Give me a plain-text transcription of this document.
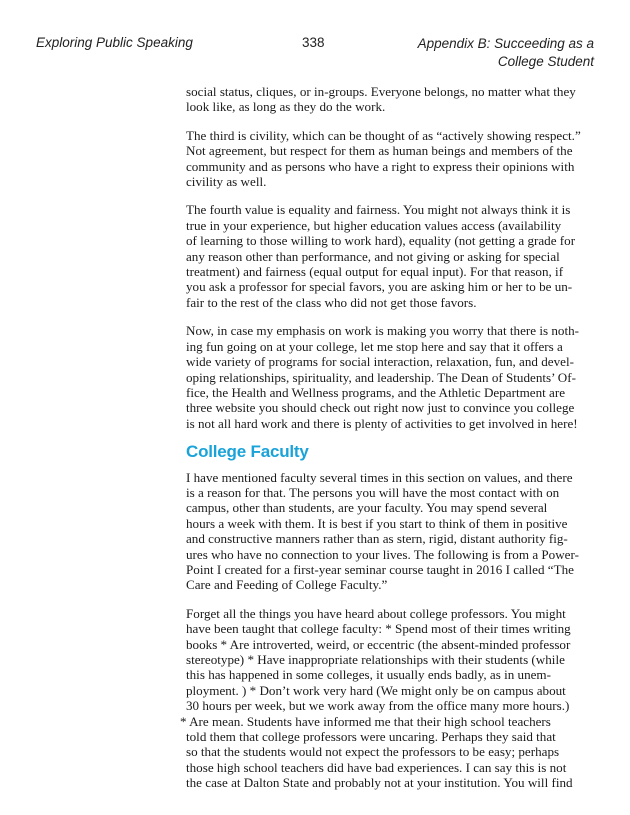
Exploring Public Speaking	338	Appendix B: Succeeding as a
College Student

social status, cliques, or in-groups. Everyone belongs, no matter what they
look like, as long as they do the work.

The third is civility, which can be thought of as “actively showing respect.”
Not agreement, but respect for them as human beings and members of the
community and as persons who have a right to express their opinions with
civility as well.

The fourth value is equality and fairness. You might not always think it is
true in your experience, but higher education values access (availability
of learning to those willing to work hard), equality (not getting a grade for
any reason other than performance, and not giving or asking for special
treatment) and fairness (equal output for equal input). For that reason, if
you ask a professor for special favors, you are asking him or her to be un-
fair to the rest of the class who did not get those favors.

Now, in case my emphasis on work is making you worry that there is noth-
ing fun going on at your college, let me stop here and say that it offers a
wide variety of programs for social interaction, relaxation, fun, and devel-
oping relationships, spirituality, and leadership. The Dean of Students’ Of-
fice, the Health and Wellness programs, and the Athletic Department are
three website you should check out right now just to convince you college
is not all hard work and there is plenty of activities to get involved in here!

College Faculty

I have mentioned faculty several times in this section on values, and there
is a reason for that. The persons you will have the most contact with on
campus, other than students, are your faculty. You may spend several
hours a week with them. It is best if you start to think of them in positive
and constructive manners rather than as stern, rigid, distant authority fig-
ures who have no connection to your lives. The following is from a Power-
Point I created for a first-year seminar course taught in 2016 I called “The
Care and Feeding of College Faculty.”

Forget all the things you have heard about college professors. You might
have been taught that college faculty: * Spend most of their times writing
books * Are introverted, weird, or eccentric (the absent-minded professor
stereotype) * Have inappropriate relationships with their students (while
this has happened in some colleges, it usually ends badly, as in unem-
ployment. ) * Don’t work very hard (We might only be on campus about
30 hours per week, but we work away from the office many more hours.)
* Are mean. Students have informed me that their high school teachers
told them that college professors were uncaring. Perhaps they said that
so that the students would not expect the professors to be easy; perhaps
those high school teachers did have bad experiences. I can say this is not
the case at Dalton State and probably not at your institution. You will find
